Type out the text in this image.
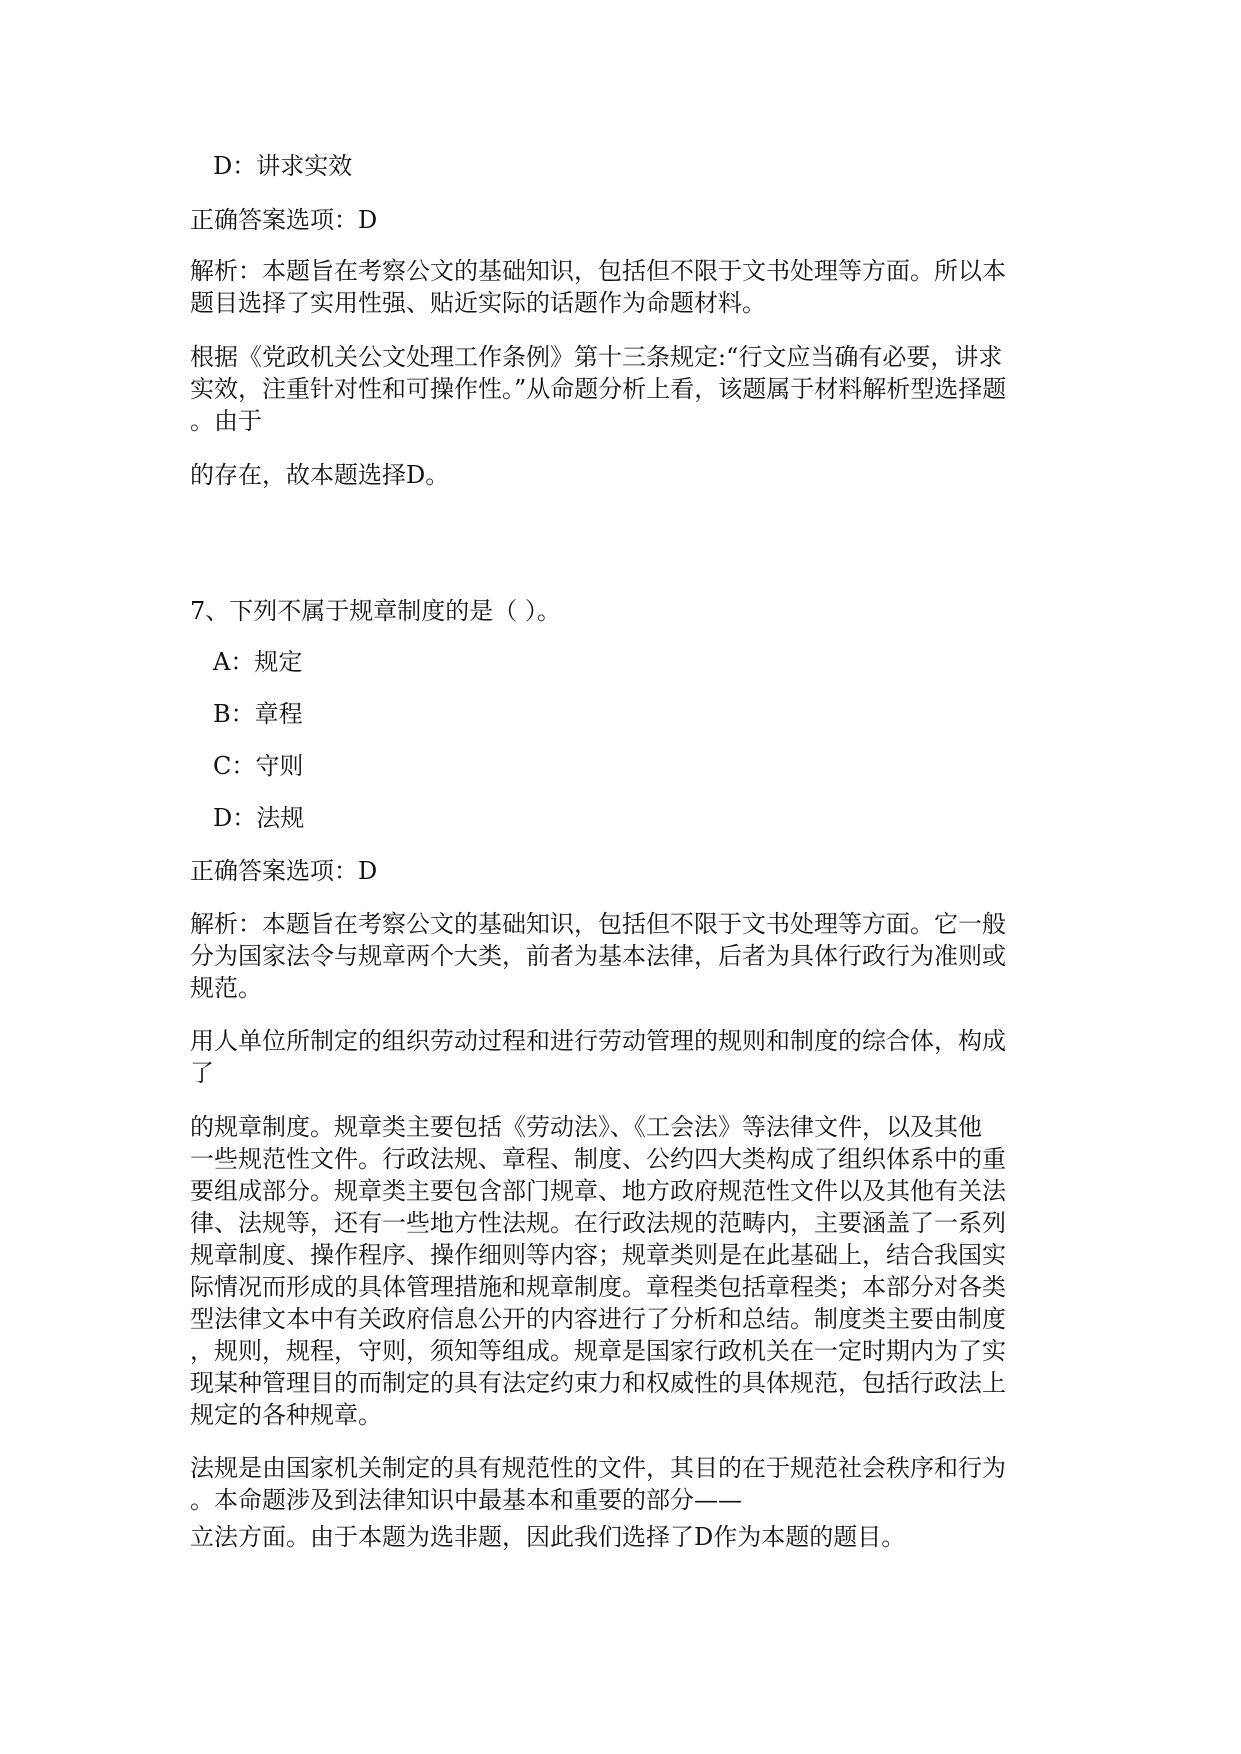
D：讲求实效
正确答案选项：D
解析：本题旨在考察公文的基础知识，包括但不限于文书处理等方面。所以本
题目选择了实用性强、贴近实际的话题作为命题材料。
根据《党政机关公文处理工作条例》第十三条规定:“行文应当确有必要，讲求
实效，注重针对性和可操作性。”从命题分析上看，该题属于材料解析型选择题
。由于
的存在，故本题选择D。
7、下列不属于规章制度的是（ ）。
A：规定
B：章程
C：守则
D：法规
正确答案选项：D
解析：本题旨在考察公文的基础知识，包括但不限于文书处理等方面。它一般
分为国家法令与规章两个大类，前者为基本法律，后者为具体行政行为准则或
规范。
用人单位所制定的组织劳动过程和进行劳动管理的规则和制度的综合体，构成
了
的规章制度。规章类主要包括《劳动法》、《工会法》等法律文件，以及其他
一些规范性文件。行政法规、章程、制度、公约四大类构成了组织体系中的重
要组成部分。规章类主要包含部门规章、地方政府规范性文件以及其他有关法
律、法规等，还有一些地方性法规。在行政法规的范畴内，主要涵盖了一系列
规章制度、操作程序、操作细则等内容；规章类则是在此基础上，结合我国实
际情况而形成的具体管理措施和规章制度。章程类包括章程类；本部分对各类
型法律文本中有关政府信息公开的内容进行了分析和总结。制度类主要由制度
，规则，规程，守则，须知等组成。规章是国家行政机关在一定时期内为了实
现某种管理目的而制定的具有法定约束力和权威性的具体规范，包括行政法上
规定的各种规章。
法规是由国家机关制定的具有规范性的文件，其目的在于规范社会秩序和行为
。本命题涉及到法律知识中最基本和重要的部分——
立法方面。由于本题为选非题，因此我们选择了D作为本题的题目。
